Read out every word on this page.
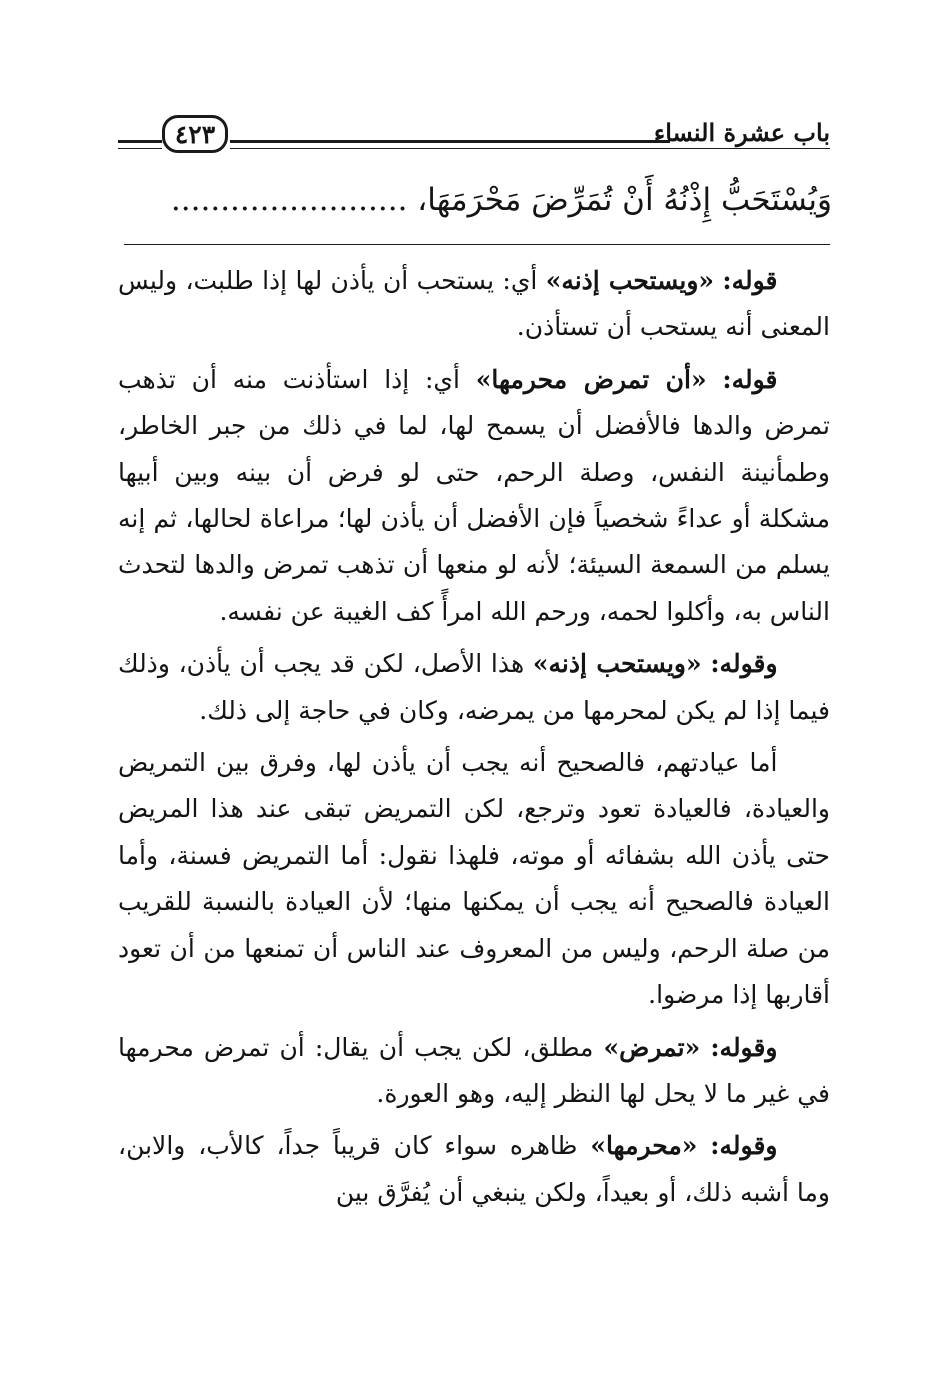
باب عشرة النساء
٤٢٣
وَيُسْتَحَبُّ إِذْنُهُ أَنْ تُمَرِّضَ مَحْرَمَهَا، ........................

قوله: «ويستحب إذنه» أي: يستحب أن يأذن لها إذا طلبت، وليس المعنى أنه يستحب أن تستأذن.

قوله: «أن تمرض محرمها» أي: إذا استأذنت منه أن تذهب تمرض والدها فالأفضل أن يسمح لها، لما في ذلك من جبر الخاطر، وطمأنينة النفس، وصلة الرحم، حتى لو فرض أن بينه وبين أبيها مشكلة أو عداءً شخصياً فإن الأفضل أن يأذن لها؛ مراعاة لحالها، ثم إنه يسلم من السمعة السيئة؛ لأنه لو منعها أن تذهب تمرض والدها لتحدث الناس به، وأكلوا لحمه، ورحم الله امرأً كف الغيبة عن نفسه.

وقوله: «ويستحب إذنه» هذا الأصل، لكن قد يجب أن يأذن، وذلك فيما إذا لم يكن لمحرمها من يمرضه، وكان في حاجة إلى ذلك.

أما عيادتهم، فالصحيح أنه يجب أن يأذن لها، وفرق بين التمريض والعيادة، فالعيادة تعود وترجع، لكن التمريض تبقى عند هذا المريض حتى يأذن الله بشفائه أو موته، فلهذا نقول: أما التمريض فسنة، وأما العيادة فالصحيح أنه يجب أن يمكنها منها؛ لأن العيادة بالنسبة للقريب من صلة الرحم، وليس من المعروف عند الناس أن تمنعها من أن تعود أقاربها إذا مرضوا.

وقوله: «تمرض» مطلق، لكن يجب أن يقال: أن تمرض محرمها في غير ما لا يحل لها النظر إليه، وهو العورة.

وقوله: «محرمها» ظاهره سواء كان قريباً جداً، كالأب، والابن، وما أشبه ذلك، أو بعيداً، ولكن ينبغي أن يُفرَّق بين
